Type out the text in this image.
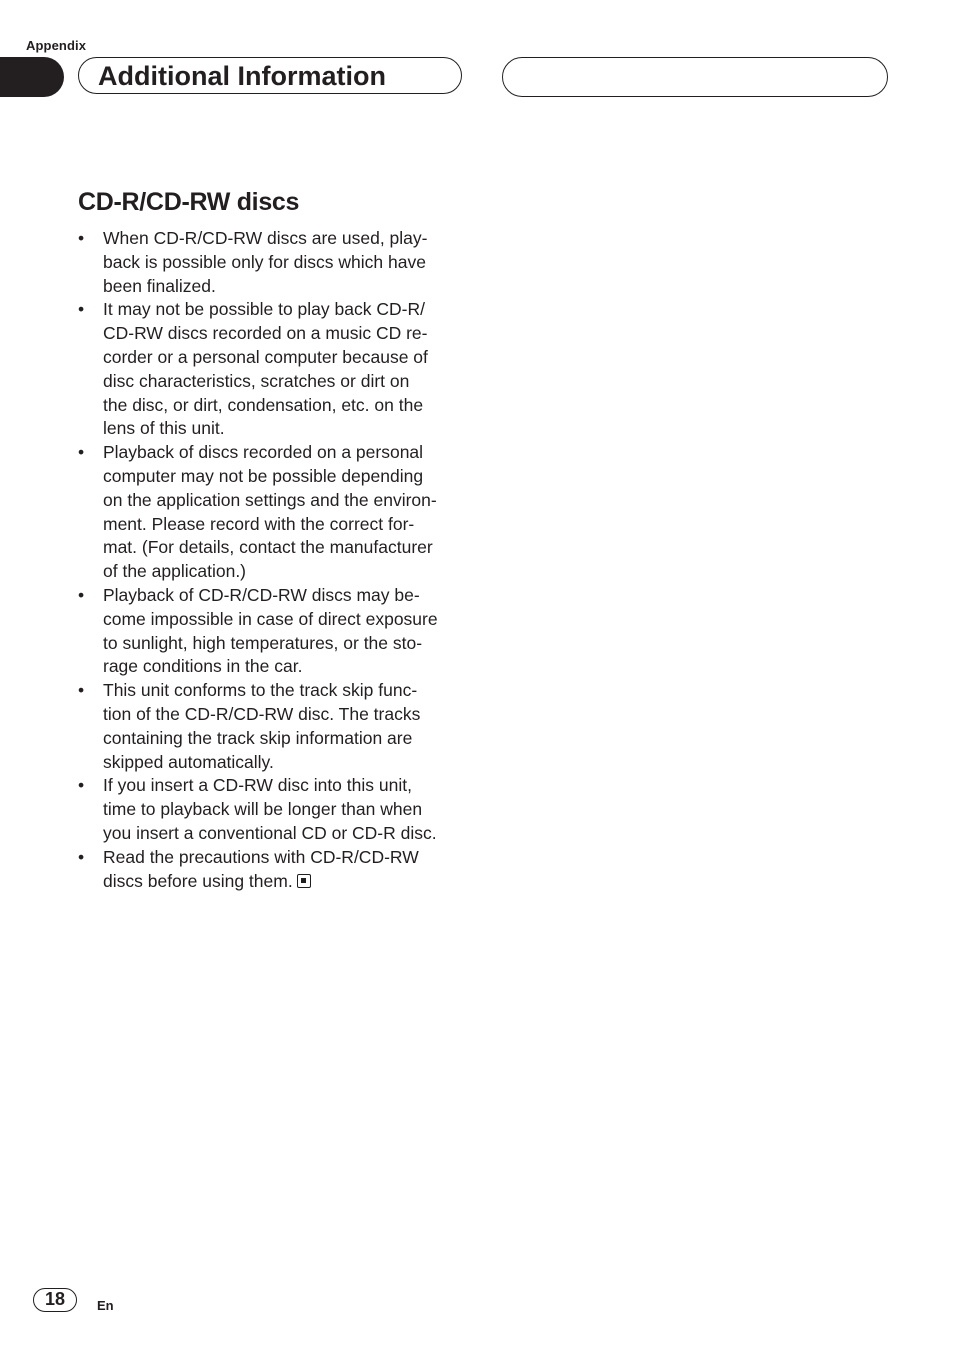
Appendix
Additional Information
CD-R/CD-RW discs
•	When CD-R/CD-RW discs are used, play-
back is possible only for discs which have
been finalized.
•	It may not be possible to play back CD-R/
CD-RW discs recorded on a music CD re-
corder or a personal computer because of
disc characteristics, scratches or dirt on
the disc, or dirt, condensation, etc. on the
lens of this unit.
•	Playback of discs recorded on a personal
computer may not be possible depending
on the application settings and the environ-
ment. Please record with the correct for-
mat. (For details, contact the manufacturer
of the application.)
•	Playback of CD-R/CD-RW discs may be-
come impossible in case of direct exposure
to sunlight, high temperatures, or the sto-
rage conditions in the car.
•	This unit conforms to the track skip func-
tion of the CD-R/CD-RW disc. The tracks
containing the track skip information are
skipped automatically.
•	If you insert a CD-RW disc into this unit,
time to playback will be longer than when
you insert a conventional CD or CD-R disc.
•	Read the precautions with CD-R/CD-RW
discs before using them.
18	En
